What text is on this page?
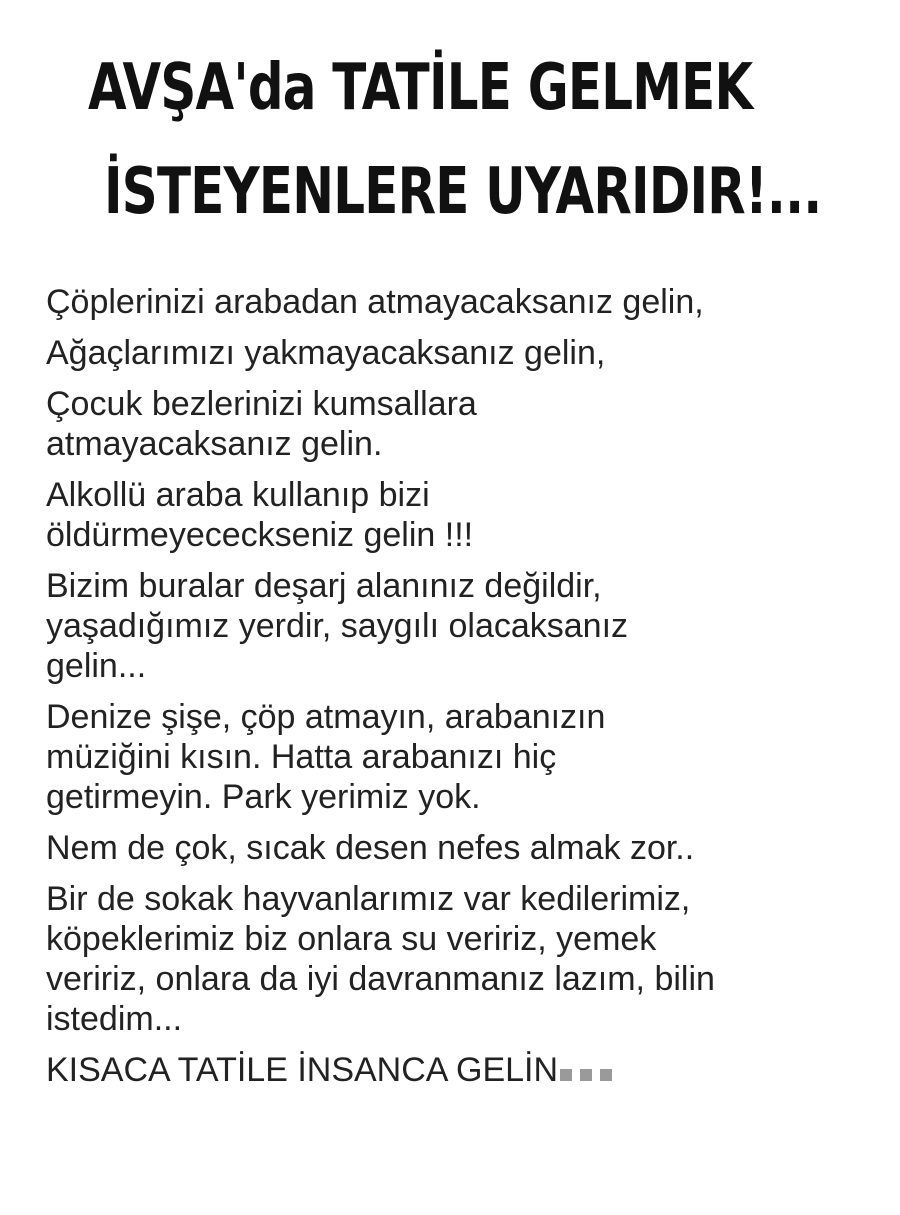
AVŞA'da TATİLE GELMEK
İSTEYENLERE UYARIDIR!...
Çöplerinizi arabadan atmayacaksanız gelin,
Ağaçlarımızı yakmayacaksanız gelin,
Çocuk bezlerinizi kumsallara
atmayacaksanız gelin.
Alkollü araba kullanıp bizi
öldürmeyececkseniz gelin !!!
Bizim buralar deşarj alanınız değildir,
yaşadığımız yerdir, saygılı olacaksanız
gelin...
Denize şişe, çöp atmayın, arabanızın
müziğini kısın. Hatta arabanızı hiç
getirmeyin. Park yerimiz yok.
Nem de çok, sıcak desen nefes almak zor..
Bir de sokak hayvanlarımız var kedilerimiz,
köpeklerimiz biz onlara su veririz, yemek
veririz, onlara da iyi davranmanız lazım, bilin
istedim...
KISACA TATİLE İNSANCA GELİN
